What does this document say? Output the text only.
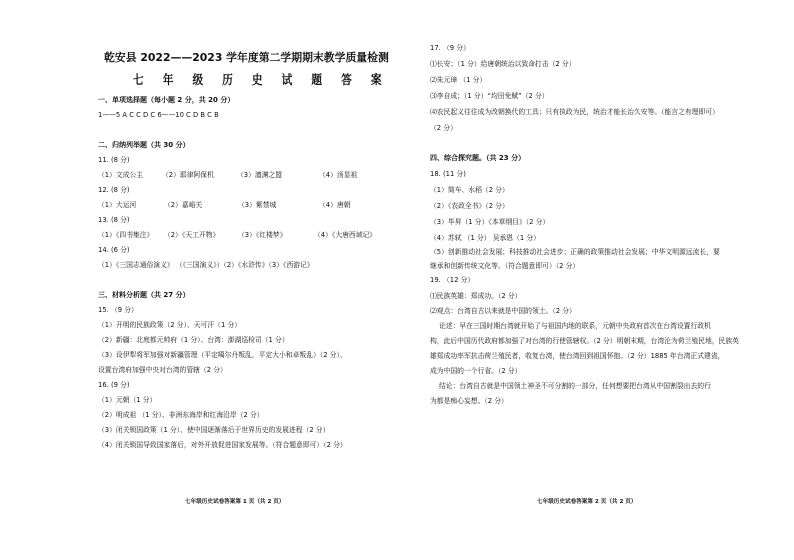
乾安县 2022——2023 学年度第二学期期末教学质量检测
七 年 级 历 史 试 题 答 案
一、单项选择题（每小题 2 分，共 20 分）
1——5 A C C D C 6——10 C D B C B
二、归纳列举题（共 30 分）
11. (8 分)
（1）文成公主	（2）耶律阿保机	（3）澶渊之盟	（4）汤显祖
12. (8 分)
（1）大运河	（2）嘉峪关	（3）紫禁城	（4）唐朝
13. (8 分)
（1）《四书集注》 （2）《天工开物》	（3）《红楼梦》	（4）《大唐西域记》
14. (6 分)
（1）《三国志通俗演义》 （《三国演义》）（2）《水浒传》（3）《西游记》
三、材料分析题（共 27 分）
15. （9 分）
（1）开明的民族政策（2 分）、天可汗（1 分）
（2）新疆：北庭都元帅府（1 分）、台湾：澎湖巡检司（1 分）
（3）设伊犁将军加强对新疆管理（平定噶尔丹叛乱，平定大小和卓叛乱）（2 分）、
设置台湾府加强中央对台湾的管辖（2 分）
16. (9 分)
（1）元朝（1 分）
（2）明成祖 （1 分）、非洲东海岸和红海沿岸（2 分）
（3）闭关锁国政策（1 分）、使中国逐渐落后于世界历史的发展进程（2 分）
（4）闭关锁国导致国家落后，对外开放促进国家发展等。（符合题意即可）（2 分）
七年级历史试卷答案第 1 页（共 2 页）
17. （9 分）
⑴长安；（1 分）给唐朝统治以致命打击（2 分）
⑵朱元璋 （1 分）
⑶李自成；（1 分）“均田免赋”（2 分）
⑷农民起义往往成为改朝换代的工具；只有执政为民，统治才能长治久安等。（能言之有理即可）
（2 分）
四、综合探究题。（共 23 分）
18. (11 分)
（1）简车、水稻（2 分）
（2）《农政全书》（2 分）
（3）毕昇（1 分）《本草纲目》（2 分）
（4）苏轼 （1 分） 吴承恩（1 分）
（5）创新推动社会发展；科技推动社会进步；正确的政策推动社会发展；中华文明源远流长，要
继承和创新传统文化等。（符合题意即可）（2 分）
19. （12 分）
⑴民族英雄：郑成功。（2 分）
⑵观点：台湾自古以来就是中国的领土。（2 分）
论述：早在三国时期台湾就开始了与祖国内地的联系，元朝中央政府首次在台湾设置行政机
构，此后中国历代政府都加强了对台湾的行使管辖权。（2 分）明朝末期，台湾沦为荷兰殖民地，民族英
雄郑成功率军抗击荷兰殖民者，收复台湾，使台湾回到祖国怀抱。（2 分）1885 年台湾正式建省，
成为中国的一个行省。（2 分）
结论：台湾自古就是中国领土神圣不可分割的一部分，任何想要把台湾从中国割裂出去的行
为都是痴心妄想。（2 分）
七年级历史试卷答案第 2 页（共 2 页）
